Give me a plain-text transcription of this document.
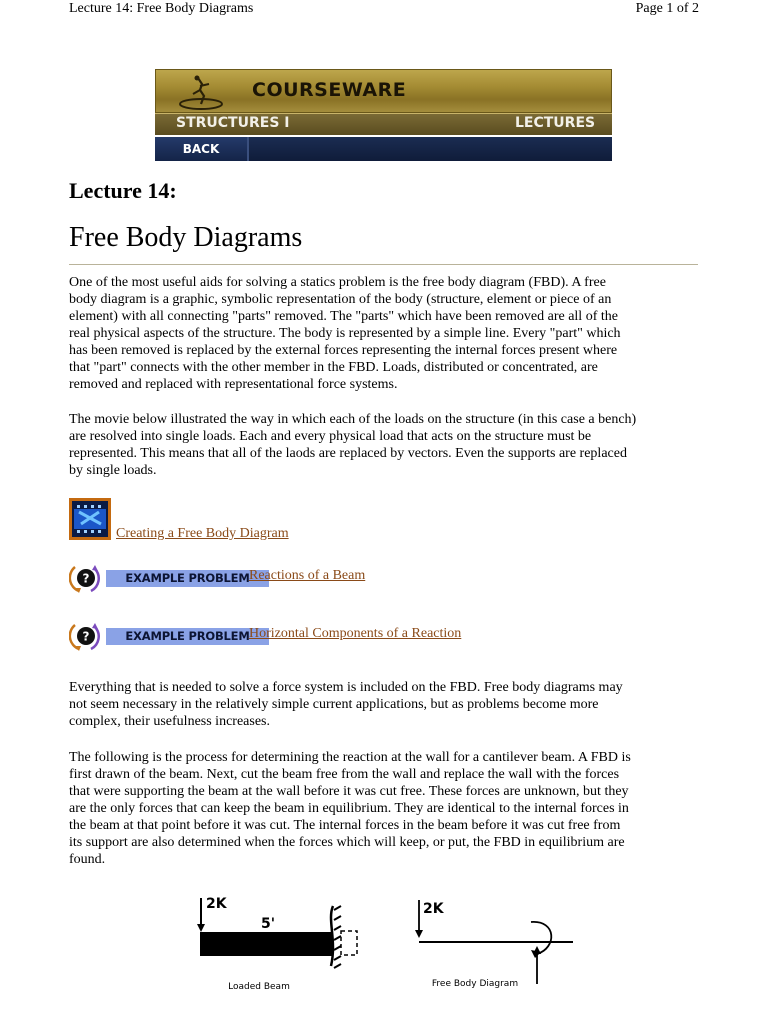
Lecture 14: Free Body Diagrams	Page 1 of 2
COURSEWARE
STRUCTURES I	LECTURES
BACK
Lecture 14:
Free Body Diagrams
One of the most useful aids for solving a statics problem is the free body diagram (FBD). A free
body diagram is a graphic, symbolic representation of the body (structure, element or piece of an
element) with all connecting "parts" removed. The "parts" which have been removed are all of the
real physical aspects of the structure. The body is represented by a simple line. Every "part" which
has been removed is replaced by the external forces representing the internal forces present where
that "part" connects with the other member in the FBD. Loads, distributed or concentrated, are
removed and replaced with representational force systems.
The movie below illustrated the way in which each of the loads on the structure (in this case a bench)
are resolved into single loads. Each and every physical load that acts on the structure must be
represented. This means that all of the laods are replaced by vectors. Even the supports are replaced
by single loads.
Creating a Free Body Diagram
?	EXAMPLE PROBLEM Reactions of a Beam
?	EXAMPLE PROBLEM Horizontal Components of a Reaction
Everything that is needed to solve a force system is included on the FBD. Free body diagrams may
not seem necessary in the relatively simple current applications, but as problems become more
complex, their usefulness increases.
The following is the process for determining the reaction at the wall for a cantilever beam. A FBD is
first drawn of the beam. Next, cut the beam free from the wall and replace the wall with the forces
that were supporting the beam at the wall before it was cut free. These forces are unknown, but they
are the only forces that can keep the beam in equilibrium. They are identical to the internal forces in
the beam at that point before it was cut. The internal forces in the beam before it was cut free from
its support are also determined when the forces which will keep, or put, the FBD in equilibrium are
found.
2K
5'
Loaded Beam
2K
Free Body Diagram
